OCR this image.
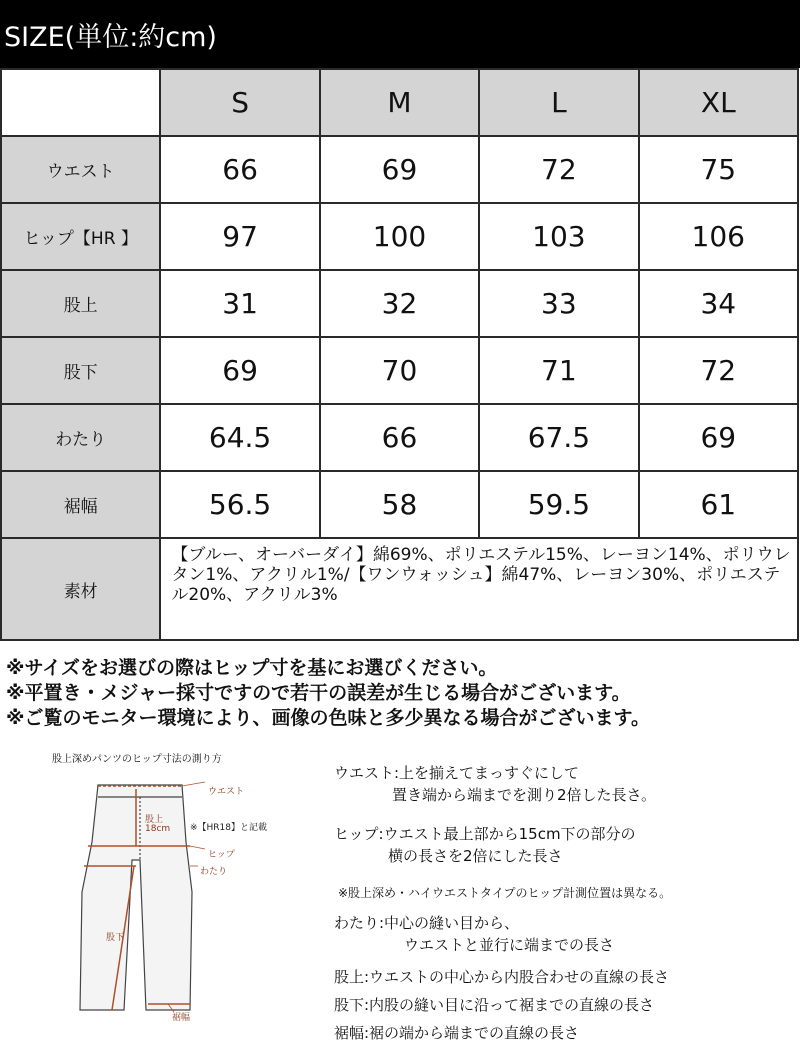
SIZE(単位:約cm)
	S	M	L	XL
ウエスト	66	69	72	75
ヒップ【HR 】	97	100	103	106
股上	31	32	33	34
股下	69	70	71	72
わたり	64.5	66	67.5	69
裾幅	56.5	58	59.5	61
素材	【ブルー、オーバーダイ】綿69%、ポリエステル15%、レーヨン14%、ポリウレタン1%、アクリル1%/【ワンウォッシュ】綿47%、レーヨン30%、ポリエステル20%、アクリル3%			
※サイズをお選びの際はヒップ寸を基にお選びください。
※平置き・メジャー採寸ですので若干の誤差が生じる場合がございます。
※ご覧のモニター環境により、画像の色味と多少異なる場合がございます。
股上深めパンツのヒップ寸法の測り方
ウエスト
股上
18cm ※【HR18】と記載
ヒップ
わたり
股下
裾幅
ウエスト:上を揃えてまっすぐにして
置き端から端までを測り2倍した長さ。
ヒップ:ウエスト最上部から15cm下の部分の
横の長さを2倍にした長さ
※股上深め・ハイウエストタイプのヒップ計測位置は異なる。
わたり:中心の縫い目から、
ウエストと並行に端までの長さ
股上:ウエストの中心から内股合わせの直線の長さ
股下:内股の縫い目に沿って裾までの直線の長さ
裾幅:裾の端から端までの直線の長さ
